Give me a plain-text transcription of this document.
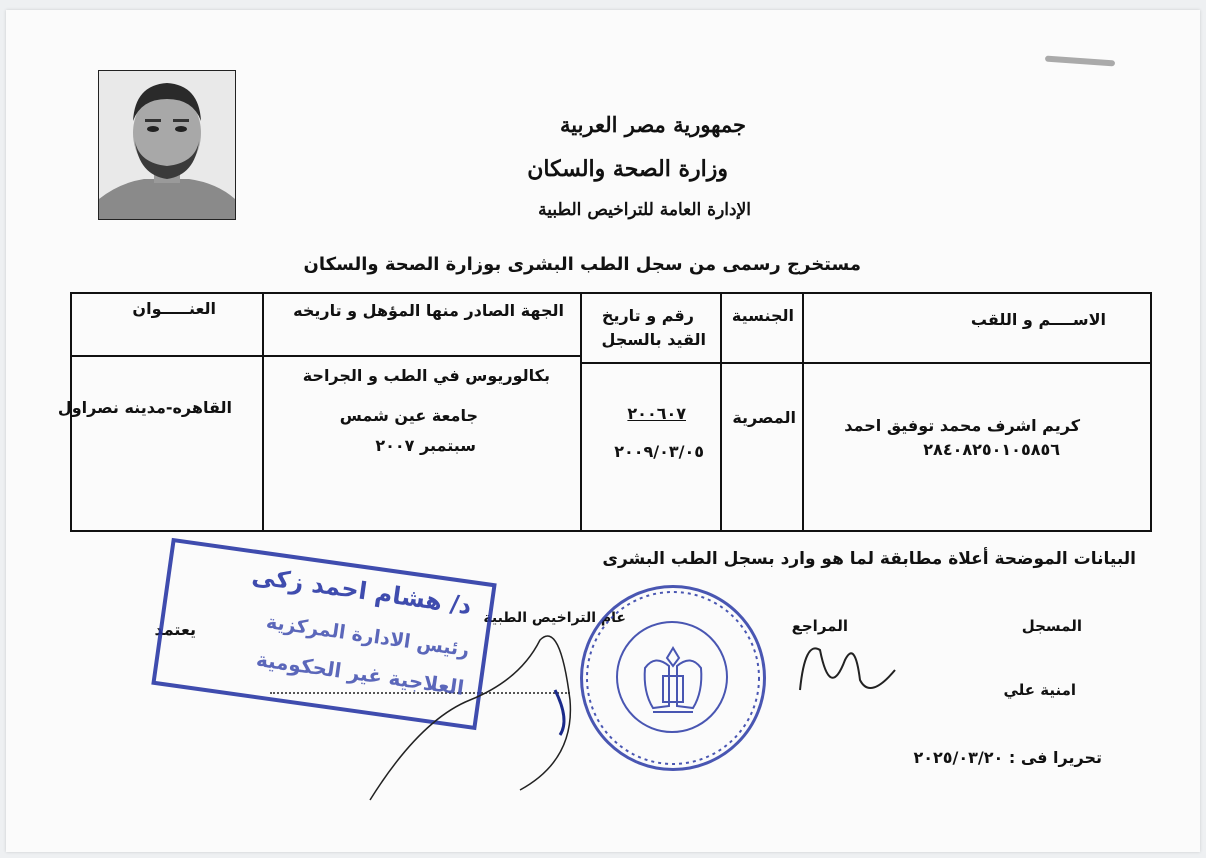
جمهورية مصر العربية
وزارة الصحة والسكان
الإدارة العامة للتراخيص الطبية
مستخرج رسمى من سجل الطب البشرى بوزارة الصحة والسكان
الاســــم و اللقب
الجنسية
رقم و تاريخ
القيد بالسجل
الجهة الصادر منها المؤهل و تاريخه
العنـــــوان
كريم اشرف محمد توفيق احمد
٢٨٤٠٨٢٥٠١٠٥٨٥٦
المصرية
٢٠٠٦٠٧
٢٠٠٩/٠٣/٠٥
بكالوريوس في الطب و الجراحة
جامعة عين شمس
سبتمبر ٢٠٠٧
القاهره-مدينه نصراول
البيانات الموضحة أعلاة مطابقة لما هو وارد بسجل الطب البشرى
المسجل
امنية علي
المراجع
عام التراخيص الطبية
يعتمد
تحريرا فى : ٢٠٢٥/٠٣/٢٠
د/ هشام احمد زكى
رئيس الادارة المركزية
العلاجية غير الحكومية
